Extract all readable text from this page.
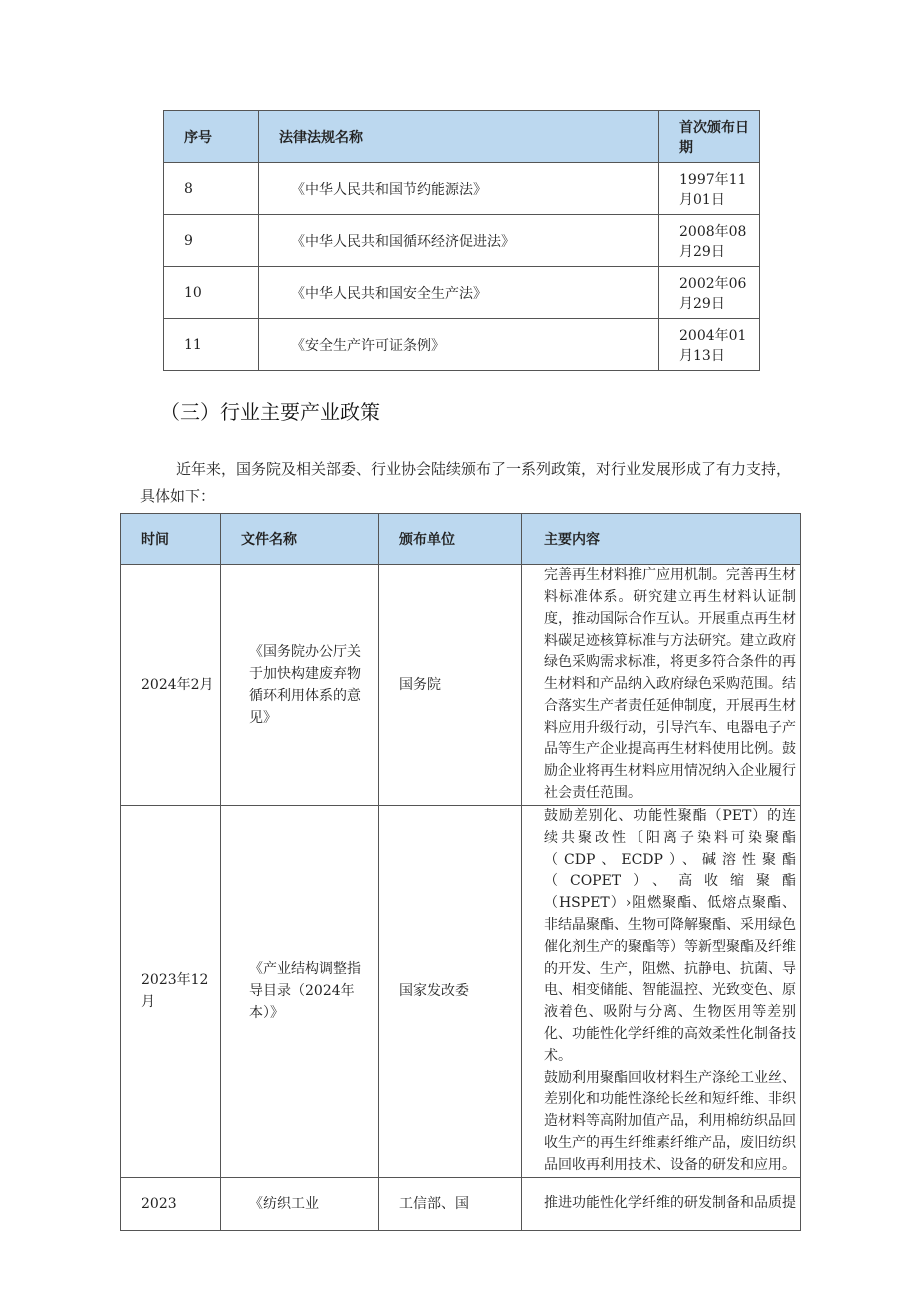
序号	法律法规名称	首次颁布日期
8	《中华人民共和国节约能源法》	1997年11月01日
9	《中华人民共和国循环经济促进法》	2008年08月29日
10	《中华人民共和国安全生产法》	2002年06月29日
11	《安全生产许可证条例》	2004年01月13日
（三）行业主要产业政策

近年来，国务院及相关部委、行业协会陆续颁布了一系列政策，对行业发展形成了有力支持，具体如下：

时间	文件名称	颁布单位	主要内容
2024年2月	《国务院办公厅关于加快构建废弃物循环利用体系的意见》	国务院	完善再生材料推广应用机制。完善再生材料标准体系。研究建立再生材料认证制度，推动国际合作互认。开展重点再生材料碳足迹核算标准与方法研究。建立政府绿色采购需求标准，将更多符合条件的再生材料和产品纳入政府绿色采购范围。结合落实生产者责任延伸制度，开展再生材料应用升级行动，引导汽车、电器电子产品等生产企业提高再生材料使用比例。鼓励企业将再生材料应用情况纳入企业履行社会责任范围。

2023年12月	《产业结构调整指导目录（2024年本）》	国家发改委	鼓励差别化、功能性聚酯（PET）的连续共聚改性〔阳离子染料可染聚酯（CDP、ECDP）、碱溶性聚酯（COPET）、高收缩聚酯（HSPET）›阻燃聚酯、低熔点聚酯、非结晶聚酯、生物可降解聚酯、采用绿色催化剂生产的聚酯等）等新型聚酯及纤维的开发、生产，阻燃、抗静电、抗菌、导电、相变储能、智能温控、光致变色、原液着色、吸附与分离、生物医用等差别化、功能性化学纤维的高效柔性化制备技术。

鼓励利用聚酯回收材料生产涤纶工业丝、差别化和功能性涤纶长丝和短纤维、非织造材料等高附加值产品，利用棉纺织品回收生产的再生纤维素纤维产品，废旧纺织品回收再利用技术、设备的研发和应用。

2023	《纺织工业	工信部、国	推进功能性化学纤维的研发制备和品质提
